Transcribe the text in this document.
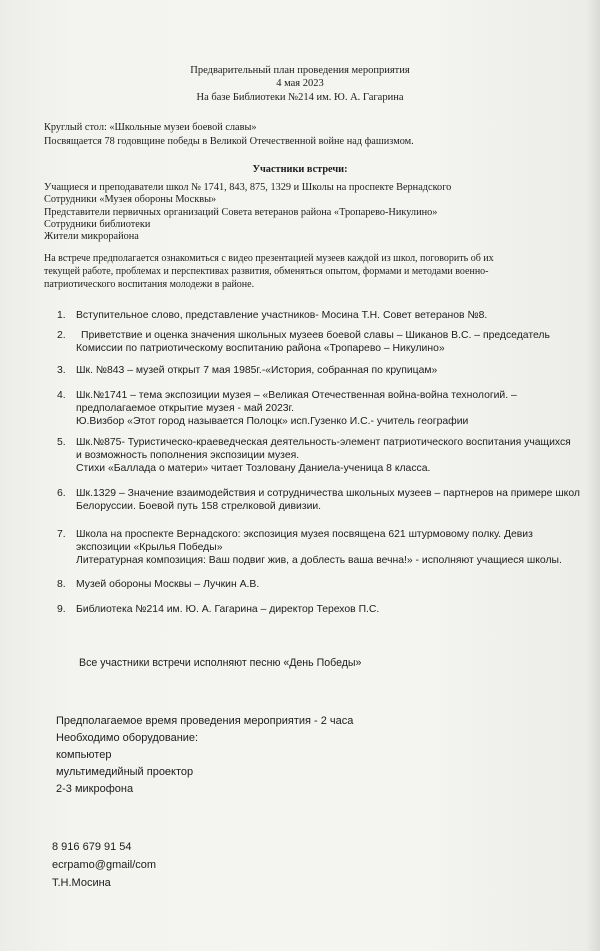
Предварительный план проведения мероприятия
4 мая 2023
На базе Библиотеки №214 им. Ю. А. Гагарина
Круглый стол: «Школьные музеи боевой славы»
Посвящается 78 годовщине победы в Великой Отечественной войне над фашизмом.
Участники встречи:
Учащиеся и преподаватели школ № 1741, 843, 875, 1329 и Школы на проспекте Вернадского
Сотрудники «Музея обороны Москвы»
Представители первичных организаций Совета ветеранов района «Тропарево-Никулино»
Сотрудники библиотеки
Жители микрорайона
На встрече предполагается ознакомиться с видео презентацией музеев каждой из школ, поговорить об их
текущей работе, проблемах и перспективах развития, обменяться опытом, формами и методами военно-
патриотического воспитания молодежи в районе.
1. Вступительное слово, представление участников- Мосина Т.Н. Совет ветеранов №8.
2.	Приветствие и оценка значения школьных музеев боевой славы – Шиканов В.С. – председатель
Комиссии по патриотическому воспитанию района «Тропарево – Никулино»
3. Шк. №843 – музей открыт 7 мая 1985г.-«История, собранная по крупицам»
4. Шк.№1741 – тема экспозиции музея – «Великая Отечественная война-война технологий. –
предполагаемое открытие музея - май 2023г.
Ю.Визбор «Этот город называется Полоцк» исп.Гузенко И.С.- учитель географии
5. Шк.№875- Туристическо-краеведческая деятельность-элемент патриотического воспитания учащихся
и возможность пополнения экспозиции музея.
Стихи «Баллада о матери» читает Тозловану Даниела-ученица 8 класса.
6. Шк.1329 – Значение взаимодействия и сотрудничества школьных музеев – партнеров на примере школ
Белоруссии. Боевой путь 158 стрелковой дивизии.
7. Школа на проспекте Вернадского: экспозиция музея посвящена 621 штурмовому полку. Девиз
экспозиции «Крылья Победы»
Литературная композиция: Ваш подвиг жив, а доблесть ваша вечна!» - исполняют учащиеся школы.
8. Музей обороны Москвы – Лучкин А.В.
9. Библиотека №214 им. Ю. А. Гагарина – директор Терехов П.С.
Все участники встречи исполняют песню «День Победы»
Предполагаемое время проведения мероприятия - 2 часа
Необходимо оборудование:
компьютер
мультимедийный проектор
2-3 микрофона
8 916 679 91 54
ecrpamo@gmail/com
Т.Н.Мосина
